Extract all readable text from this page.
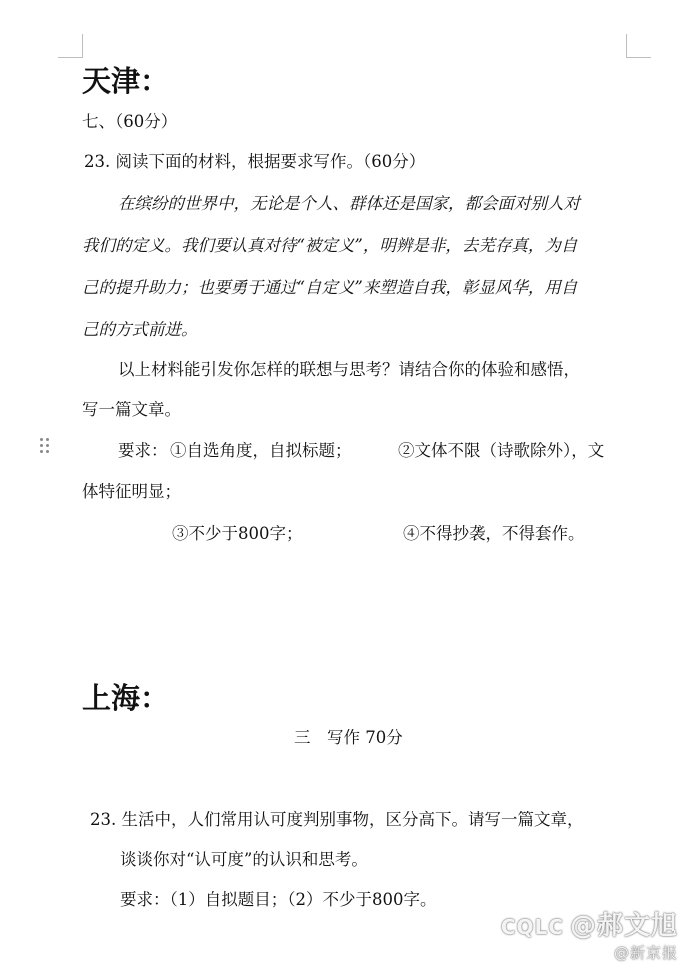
天津：
七、（60分）
23. 阅读下面的材料，根据要求写作。（60分）
在缤纷的世界中，无论是个人、群体还是国家，都会面对别人对
我们的定义。我们要认真对待“被定义”，明辨是非，去芜存真，为自
己的提升助力；也要勇于通过“自定义”来塑造自我，彰显风华，用自
己的方式前进。
以上材料能引发你怎样的联想与思考？请结合你的体验和感悟，
写一篇文章。
要求： ①自选角度，自拟标题；	②文体不限（诗歌除外），文
体特征明显；
③不少于800字；	④不得抄袭，不得套作。
上海：
三　写作 70分
23. 生活中，人们常用认可度判别事物，区分高下。请写一篇文章，
谈谈你对“认可度”的认识和思考。
要求：（1）自拟题目；（2）不少于800字。
CQLC @郝文旭
@新京报
